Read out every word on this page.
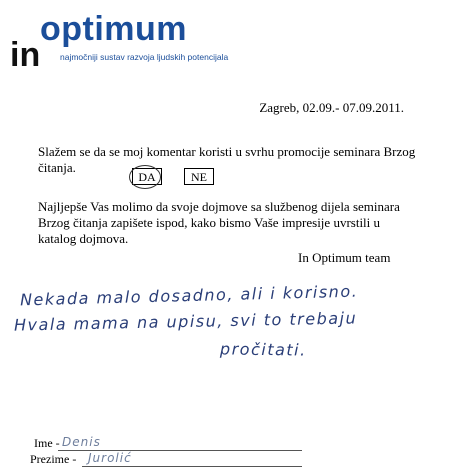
in
optimum
najmočniji sustav razvoja ljudskih potencijala
Zagreb, 02.09.- 07.09.2011.
Slažem se da se moj komentar koristi u svrhu promocije seminara Brzog čitanja.
DA	NE
Najljepše Vas molimo da svoje dojmove sa službenog dijela seminara Brzog čitanja zapišete ispod, kako bismo Vaše impresije uvrstili u katalog dojmova.
In Optimum team
Nekada malo dosadno, ali i korisno.
Hvala mama na upisu, svi to trebaju
pročitati.
Ime - Denis
Prezime - Jurolić
